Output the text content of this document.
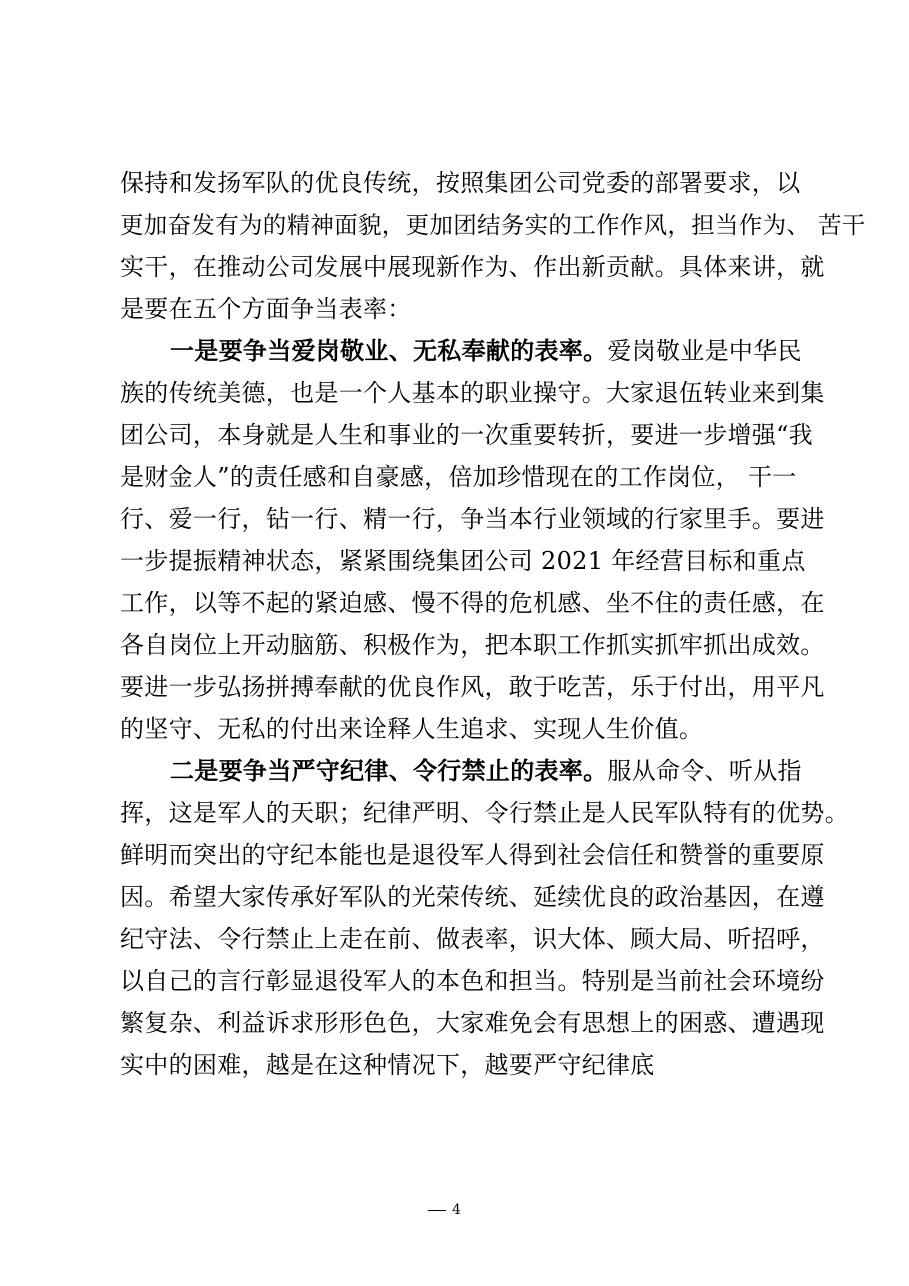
保持和发扬军队的优良传统，按照集团公司党委的部署要求，以
更加奋发有为的精神面貌，更加团结务实的工作作风，担当作为、 苦干
实干，在推动公司发展中展现新作为、作出新贡献。具体来讲，就
是要在五个方面争当表率：
一是要争当爱岗敬业、无私奉献的表率。爱岗敬业是中华民
族的传统美德，也是一个人基本的职业操守。大家退伍转业来到集
团公司，本身就是人生和事业的一次重要转折，要进一步增强“我
是财金人”的责任感和自豪感，倍加珍惜现在的工作岗位， 干一
行、爱一行，钻一行、精一行，争当本行业领域的行家里手。要进
一步提振精神状态，紧紧围绕集团公司 2021 年经营目标和重点
工作，以等不起的紧迫感、慢不得的危机感、坐不住的责任感，在
各自岗位上开动脑筋、积极作为，把本职工作抓实抓牢抓出成效。
要进一步弘扬拼搏奉献的优良作风，敢于吃苦，乐于付出，用平凡
的坚守、无私的付出来诠释人生追求、实现人生价值。
二是要争当严守纪律、令行禁止的表率。服从命令、听从指
挥，这是军人的天职；纪律严明、令行禁止是人民军队特有的优势。
鲜明而突出的守纪本能也是退役军人得到社会信任和赞誉的重要原
因。希望大家传承好军队的光荣传统、延续优良的政治基因，在遵
纪守法、令行禁止上走在前、做表率，识大体、顾大局、听招呼，
以自己的言行彰显退役军人的本色和担当。特别是当前社会环境纷
繁复杂、利益诉求形形色色，大家难免会有思想上的困惑、遭遇现
实中的困难，越是在这种情况下，越要严守纪律底
4
